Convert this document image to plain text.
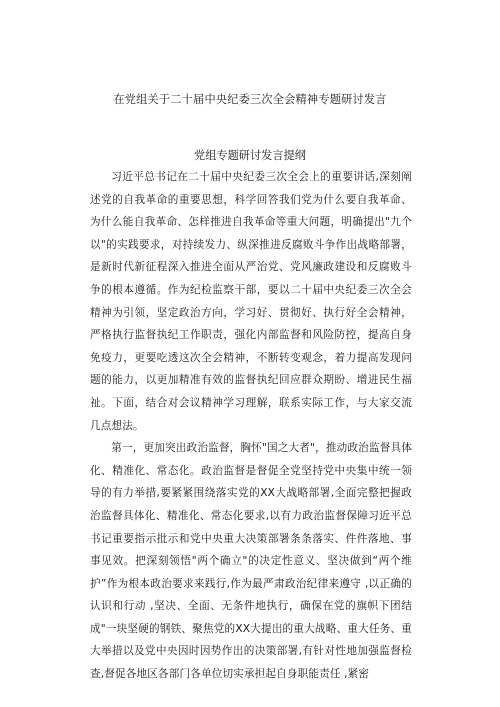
在党组关于二十届中央纪委三次全会精神专题研讨发言
党组专题研讨发言提纲

习近平总书记在二十届中央纪委三次全会上的重要讲话,深刻阐述党的自我革命的重要思想，科学回答我们党为什么要自我革命、为什么能自我革命、怎样推进自我革命等重大问题，明确提出"九个以"的实践要求，对持续发力、纵深推进反腐败斗争作出战略部署，是新时代新征程深入推进全面从严治党、党风廉政建设和反腐败斗争的根本遵循。作为纪检监察干部，要以二十届中央纪委三次全会精神为引领，坚定政治方向，学习好、贯彻好、执行好全会精神，严格执行监督执纪工作职责，强化内部监督和风险防控，提高自身免疫力，更要吃透这次全会精神，不断转变观念，着力提高发现问题的能力，以更加精准有效的监督执纪回应群众期盼、增进民生福祉。下面，结合对会议精神学习理解，联系实际工作，与大家交流几点想法。

第一，更加突出政治监督，胸怀"国之大者"，推动政治监督具体化、精准化、常态化。政治监督是督促全党坚持党中央集中统一领导的有力举措,要紧紧围绕落实党的XX大战略部署,全面完整把握政治监督具体化、精准化、常态化要求,以有力政治监督保障习近平总书记重要指示批示和党中央重大决策部署条条落实、件件落地、事事见效。把深刻领悟"两个确立"的决定性意义、坚决做到“两个维护”作为根本政治要求来践行,作为最严肃政治纪律来遵守 ,以正确的认识和行动 ,坚决、全面、无条件地执行，确保在党的旗帜下团结成"一块坚硬的钢铁、聚焦党的XX大提出的重大战略、重大任务、重大举措以及党中央因时因势作出的决策部署,有针对性地加强监督检查,督促各地区各部门各单位切实承担起自身职能责任 ,紧密
